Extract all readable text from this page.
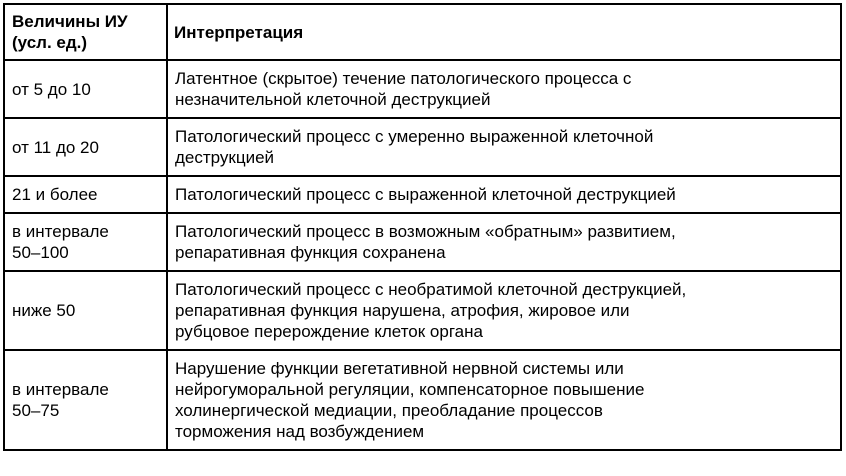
Величины ИУ
(усл. ед.)	Интерпретация

от 5 до 10	Латентное (скрытое) течение патологического процесса с
незначительной клеточной деструкцией

от 11 до 20	Патологический процесс с умеренно выраженной клеточной
деструкцией

21 и более	Патологический процесс с выраженной клеточной деструкцией

в интервале
50–100	Патологический процесс в возможным «обратным» развитием,
репаративная функция сохранена

ниже 50	Патологический процесс с необратимой клеточной деструкцией,
репаративная функция нарушена, атрофия, жировое или
рубцовое перерождение клеток органа

в интервале
50–75	Нарушение функции вегетативной нервной системы или
нейрогуморальной регуляции, компенсаторное повышение
холинергической медиации, преобладание процессов
торможения над возбуждением
